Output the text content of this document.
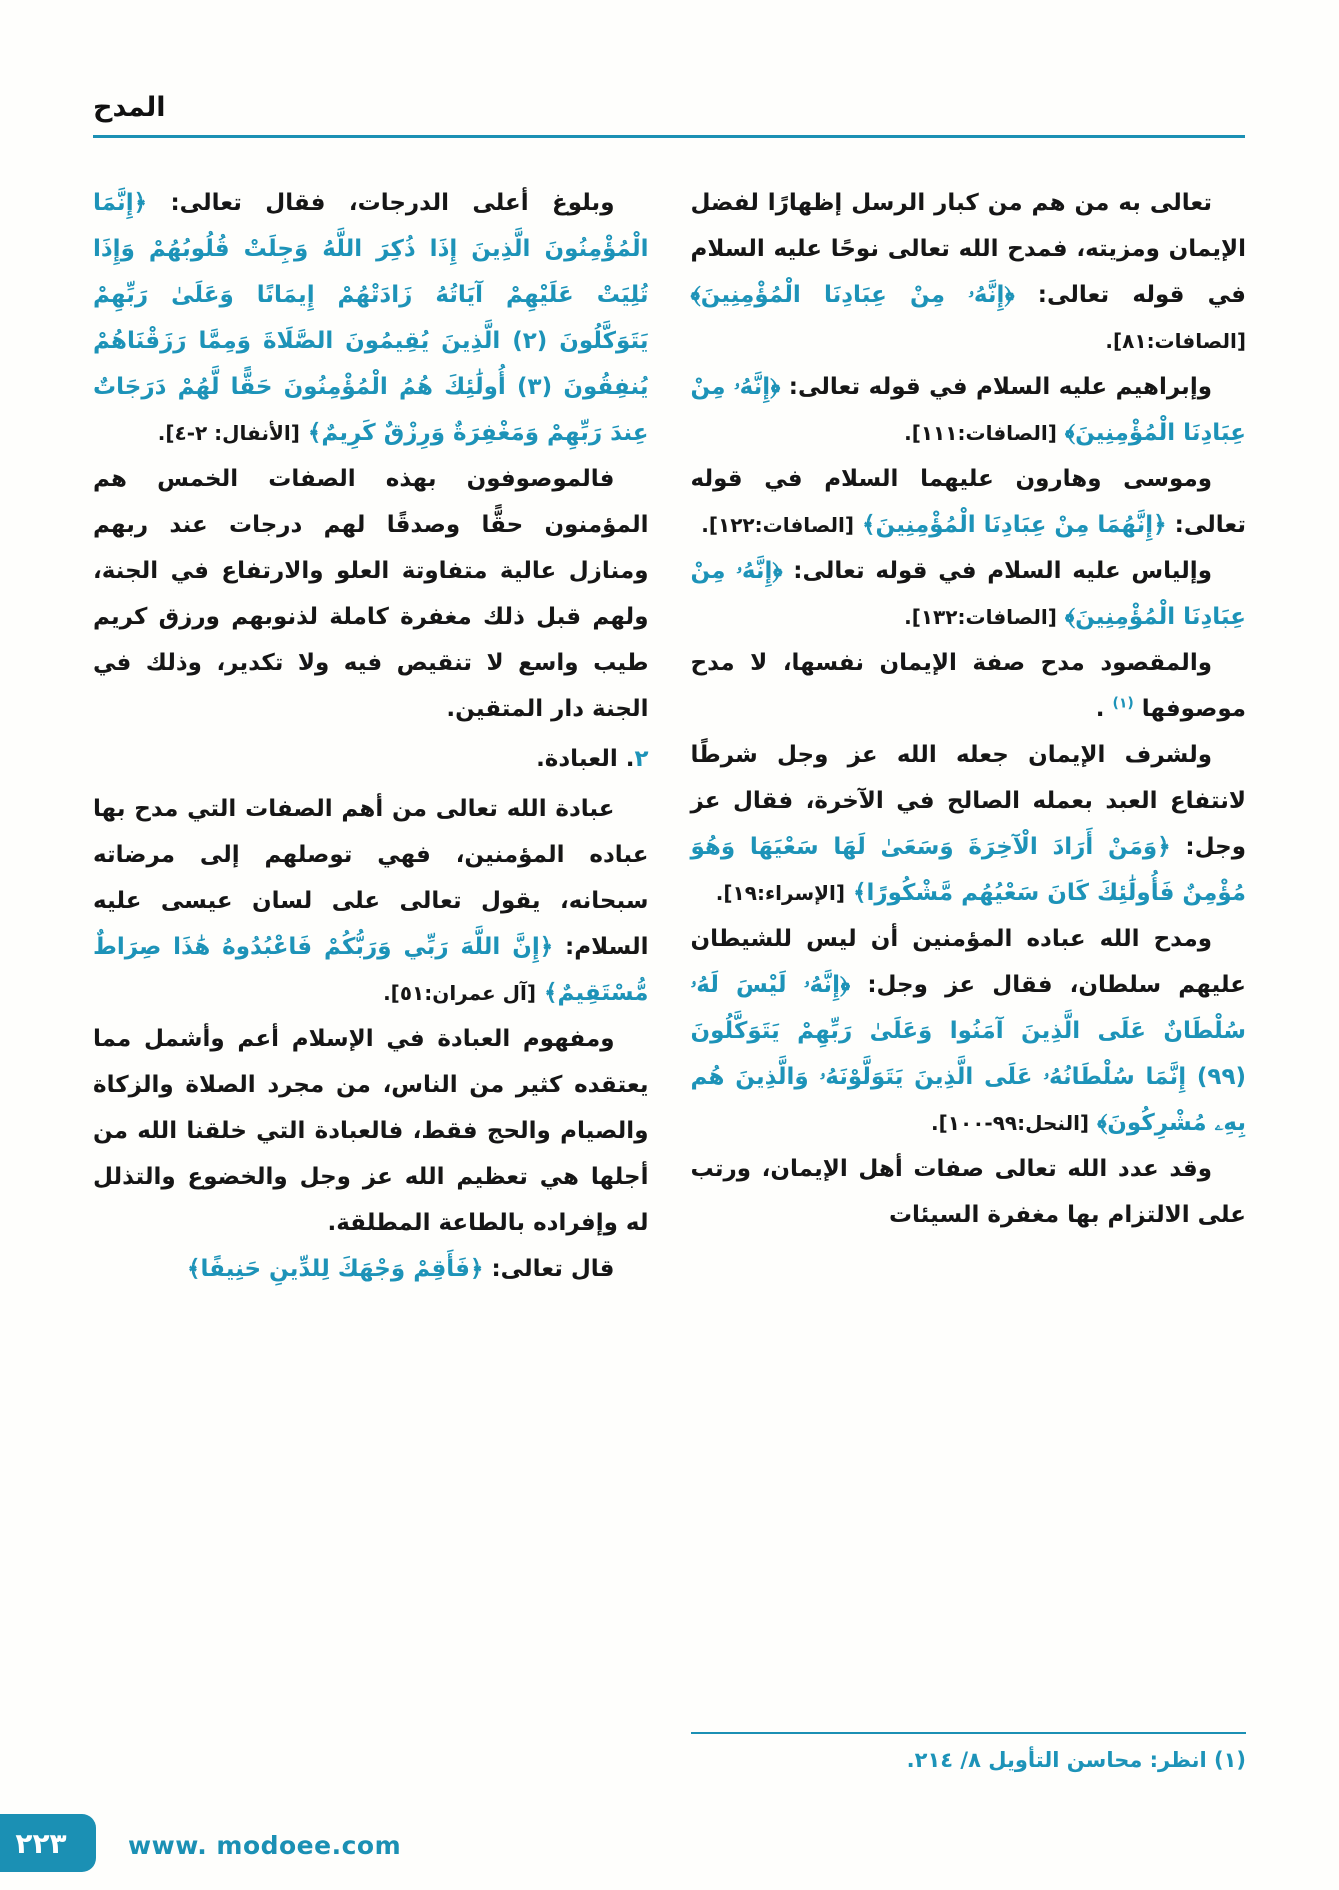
المدح

تعالى به من هم من كبار الرسل إظهارًا لفضل الإيمان ومزيته، فمدح الله تعالى نوحًا عليه السلام في قوله تعالى: ﴿إِنَّهُۥ مِنْ عِبَادِنَا الْمُؤْمِنِينَ﴾ [الصافات:٨١].

وإبراهيم عليه السلام في قوله تعالى: ﴿إِنَّهُۥ مِنْ عِبَادِنَا الْمُؤْمِنِينَ﴾ [الصافات:١١١].

وموسى وهارون عليهما السلام في قوله تعالى: ﴿إِنَّهُمَا مِنْ عِبَادِنَا الْمُؤْمِنِينَ﴾ [الصافات:١٢٢].

وإلياس عليه السلام في قوله تعالى: ﴿إِنَّهُۥ مِنْ عِبَادِنَا الْمُؤْمِنِينَ﴾ [الصافات:١٣٢].

والمقصود مدح صفة الإيمان نفسها، لا مدح موصوفها $^{(١)}$ .

ولشرف الإيمان جعله الله عز وجل شرطًا لانتفاع العبد بعمله الصالح في الآخرة، فقال عز وجل: ﴿وَمَنْ أَرَادَ الْآخِرَةَ وَسَعَىٰ لَهَا سَعْيَهَا وَهُوَ مُؤْمِنٌ فَأُولَٰئِكَ كَانَ سَعْيُهُم مَّشْكُورًا﴾ [الإسراء:١٩].

ومدح الله عباده المؤمنين أن ليس للشيطان عليهم سلطان، فقال عز وجل: ﴿إِنَّهُۥ لَيْسَ لَهُۥ سُلْطَانٌ عَلَى الَّذِينَ آمَنُوا وَعَلَىٰ رَبِّهِمْ يَتَوَكَّلُونَ (٩٩) إِنَّمَا سُلْطَانُهُۥ عَلَى الَّذِينَ يَتَوَلَّوْنَهُۥ وَالَّذِينَ هُم بِهِۦ مُشْرِكُونَ﴾ [النحل:٩٩-١٠٠].

وقد عدد الله تعالى صفات أهل الإيمان، ورتب على الالتزام بها مغفرة السيئات

(١) انظر: محاسن التأويل ٨/ ٢١٤.

وبلوغ أعلى الدرجات، فقال تعالى: ﴿إِنَّمَا الْمُؤْمِنُونَ الَّذِينَ إِذَا ذُكِرَ اللَّهُ وَجِلَتْ قُلُوبُهُمْ وَإِذَا تُلِيَتْ عَلَيْهِمْ آيَاتُهُ زَادَتْهُمْ إِيمَانًا وَعَلَىٰ رَبِّهِمْ يَتَوَكَّلُونَ (٢) الَّذِينَ يُقِيمُونَ الصَّلَاةَ وَمِمَّا رَزَقْنَاهُمْ يُنفِقُونَ (٣) أُولَٰئِكَ هُمُ الْمُؤْمِنُونَ حَقًّا لَّهُمْ دَرَجَاتٌ عِندَ رَبِّهِمْ وَمَغْفِرَةٌ وَرِزْقٌ كَرِيمٌ﴾ [الأنفال: ٢-٤].

فالموصوفون بهذه الصفات الخمس هم المؤمنون حقًّا وصدقًا لهم درجات عند ربهم ومنازل عالية متفاوتة العلو والارتفاع في الجنة، ولهم قبل ذلك مغفرة كاملة لذنوبهم ورزق كريم طيب واسع لا تنقيص فيه ولا تكدير، وذلك في الجنة دار المتقين.

٢. العبادة.

عبادة الله تعالى من أهم الصفات التي مدح بها عباده المؤمنين، فهي توصلهم إلى مرضاته سبحانه، يقول تعالى على لسان عيسى عليه السلام: ﴿إِنَّ اللَّهَ رَبِّي وَرَبُّكُمْ فَاعْبُدُوهُ هَٰذَا صِرَاطٌ مُّسْتَقِيمٌ﴾ [آل عمران:٥١].

ومفهوم العبادة في الإسلام أعم وأشمل مما يعتقده كثير من الناس، من مجرد الصلاة والزكاة والصيام والحج فقط، فالعبادة التي خلقنا الله من أجلها هي تعظيم الله عز وجل والخضوع والتذلل له وإفراده بالطاعة المطلقة.

قال تعالى: ﴿فَأَقِمْ وَجْهَكَ لِلدِّينِ حَنِيفًا﴾

٢٢٣ www. modoee.com
